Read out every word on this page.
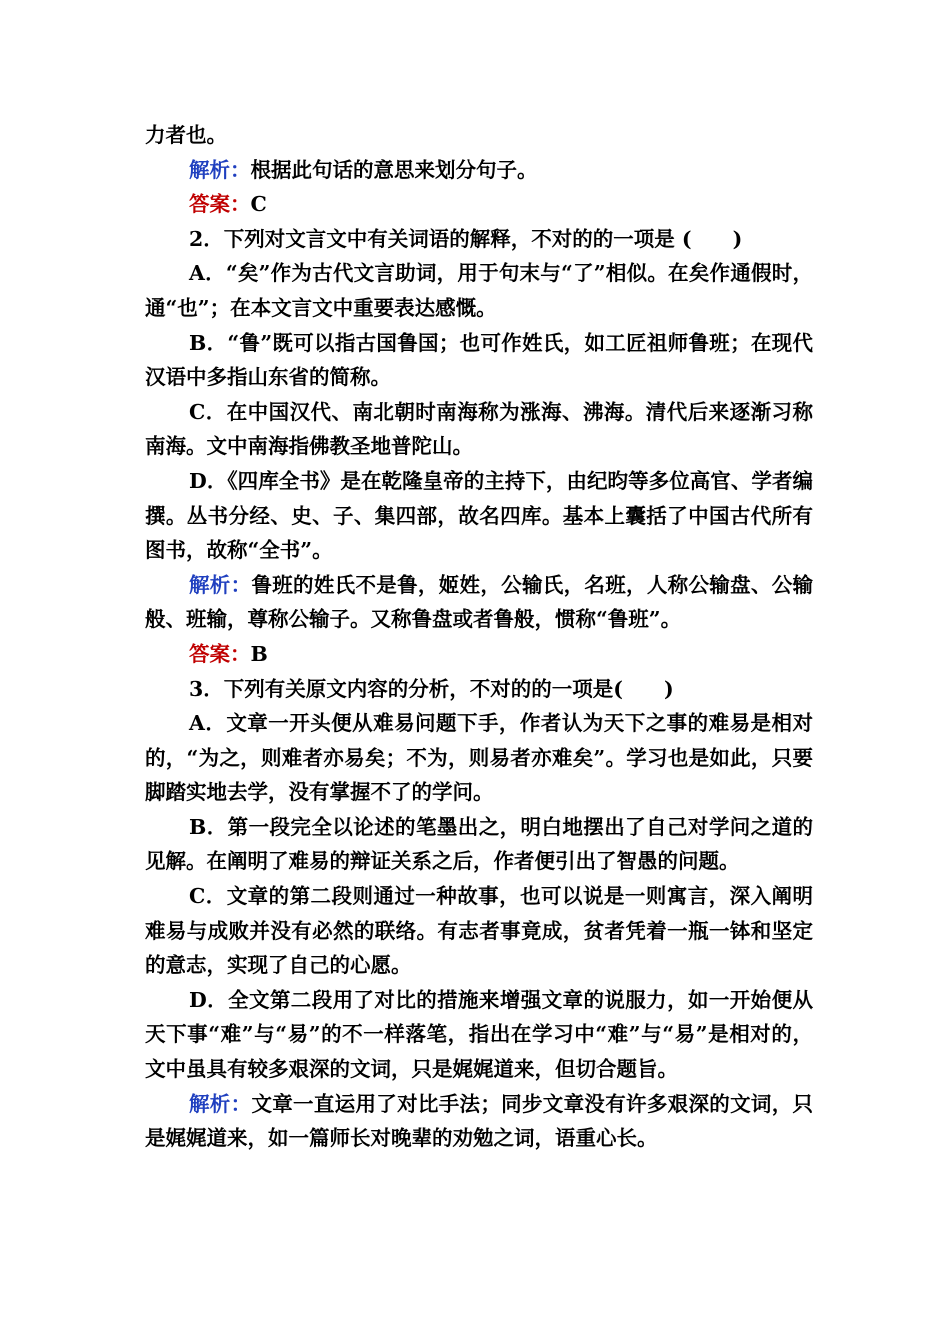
力者也。

解析：根据此句话的意思来划分句子。

答案：C

2．下列对文言文中有关词语的解释，不对的的一项是 (　　)

A．“矣”作为古代文言助词，用于句末与“了”相似。在矣作通假时，通“也”；在本文言文中重要表达感慨。

B．“鲁”既可以指古国鲁国；也可作姓氏，如工匠祖师鲁班；在现代汉语中多指山东省的简称。

C．在中国汉代、南北朝时南海称为涨海、沸海。清代后来逐渐习称南海。文中南海指佛教圣地普陀山。

D．《四库全书》是在乾隆皇帝的主持下，由纪昀等多位高官、学者编撰。丛书分经、史、子、集四部，故名四库。基本上囊括了中国古代所有图书，故称“全书”。

解析：鲁班的姓氏不是鲁，姬姓，公输氏，名班，人称公输盘、公输般、班输，尊称公输子。又称鲁盘或者鲁般，惯称“鲁班”。

答案：B

3．下列有关原文内容的分析，不对的的一项是(　　)

A．文章一开头便从难易问题下手，作者认为天下之事的难易是相对的，“为之，则难者亦易矣；不为，则易者亦难矣”。学习也是如此，只要脚踏实地去学，没有掌握不了的学问。

B．第一段完全以论述的笔墨出之，明白地摆出了自己对学问之道的见解。在阐明了难易的辩证关系之后，作者便引出了智愚的问题。

C．文章的第二段则通过一种故事，也可以说是一则寓言，深入阐明难易与成败并没有必然的联络。有志者事竟成，贫者凭着一瓶一钵和坚定的意志，实现了自己的心愿。

D．全文第二段用了对比的措施来增强文章的说服力，如一开始便从天下事“难”与“易”的不一样落笔，指出在学习中“难”与“易”是相对的，文中虽具有较多艰深的文词，只是娓娓道来，但切合题旨。

解析：文章一直运用了对比手法；同步文章没有许多艰深的文词，只是娓娓道来，如一篇师长对晚辈的劝勉之词，语重心长。
